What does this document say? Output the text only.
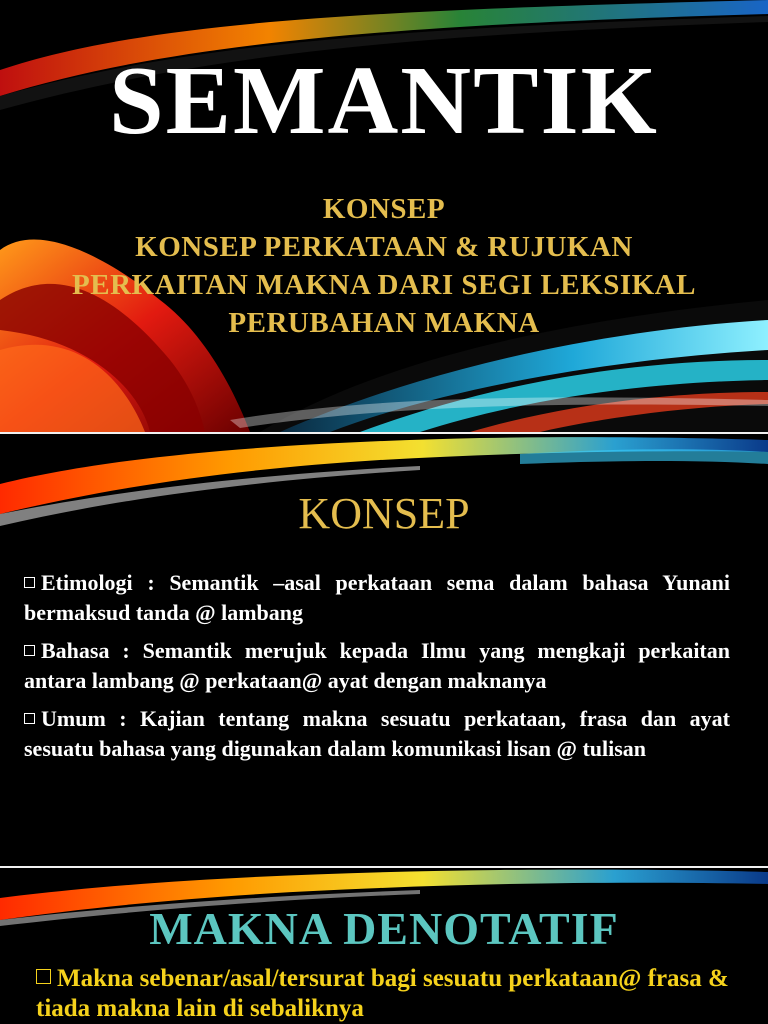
SEMANTIK
KONSEP
KONSEP PERKATAAN & RUJUKAN
PERKAITAN MAKNA DARI SEGI LEKSIKAL
PERUBAHAN MAKNA
KONSEP
Etimologi : Semantik –asal perkataan sema dalam bahasa Yunani bermaksud tanda @ lambang
Bahasa : Semantik merujuk kepada Ilmu yang mengkaji perkaitan antara lambang @ perkataan@ ayat dengan maknanya
Umum : Kajian tentang makna sesuatu perkataan, frasa dan ayat sesuatu bahasa yang digunakan dalam komunikasi lisan @ tulisan
MAKNA DENOTATIF
Makna sebenar/asal/tersurat bagi sesuatu perkataan@ frasa & tiada makna lain di sebaliknya
